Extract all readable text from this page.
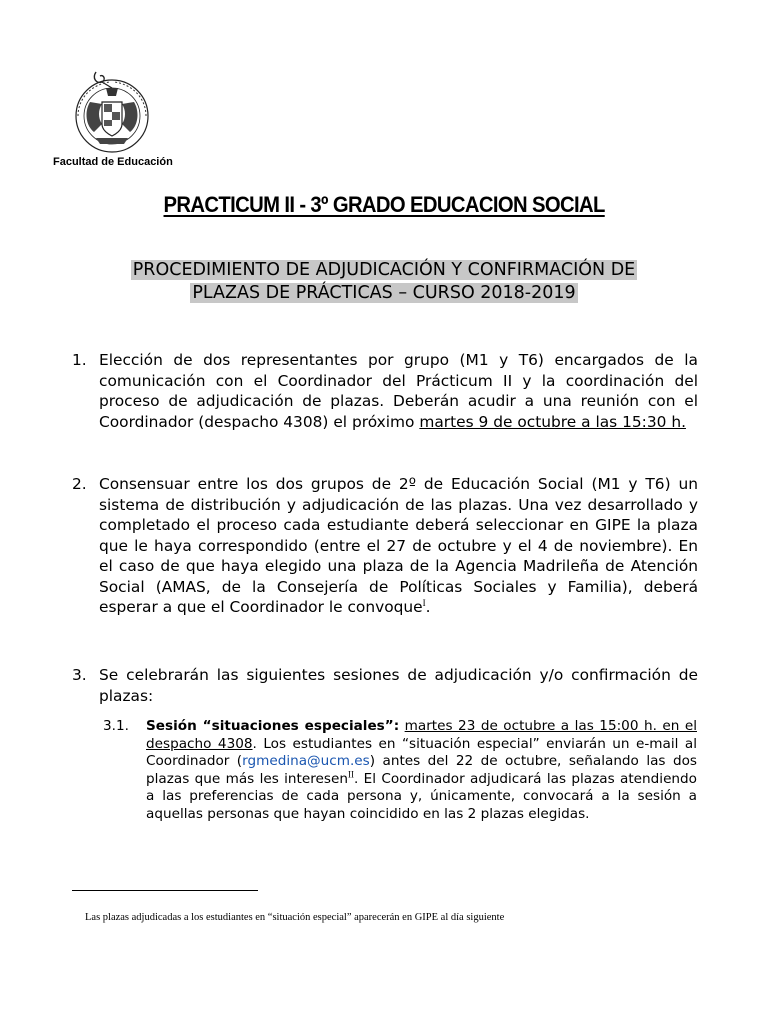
Facultad de Educación
PRACTICUM II - 3º GRADO EDUCACION SOCIAL
PROCEDIMIENTO DE ADJUDICACIÓN Y CONFIRMACIÓN DE
PLAZAS DE PRÁCTICAS – CURSO 2018-2019
1. Elección de dos representantes por grupo (M1 y T6) encargados de la comunicación con el Coordinador del Prácticum II y la coordinación del proceso de adjudicación de plazas. Deberán acudir a una reunión con el Coordinador (despacho 4308) el próximo martes 9 de octubre a las 15:30 h.
2. Consensuar entre los dos grupos de 2º de Educación Social (M1 y T6) un sistema de distribución y adjudicación de las plazas. Una vez desarrollado y completado el proceso cada estudiante deberá seleccionar en GIPE la plaza que le haya correspondido (entre el 27 de octubre y el 4 de noviembre). En el caso de que haya elegido una plaza de la Agencia Madrileña de Atención Social (AMAS, de la Consejería de Políticas Sociales y Familia), deberá esperar a que el Coordinador le convoque$^I$.
3. Se celebrarán las siguientes sesiones de adjudicación y/o confirmación de plazas:
3.1. Sesión “situaciones especiales”: martes 23 de octubre a las 15:00 h. en el despacho 4308. Los estudiantes en “situación especial” enviarán un e-mail al Coordinador (rgmedina@ucm.es) antes del 22 de octubre, señalando las dos plazas que más les interesen$^{II}$. El Coordinador adjudicará las plazas atendiendo a las preferencias de cada persona y, únicamente, convocará a la sesión a aquellas personas que hayan coincidido en las 2 plazas elegidas.
Las plazas adjudicadas a los estudiantes en “situación especial” aparecerán en GIPE al día siguiente
